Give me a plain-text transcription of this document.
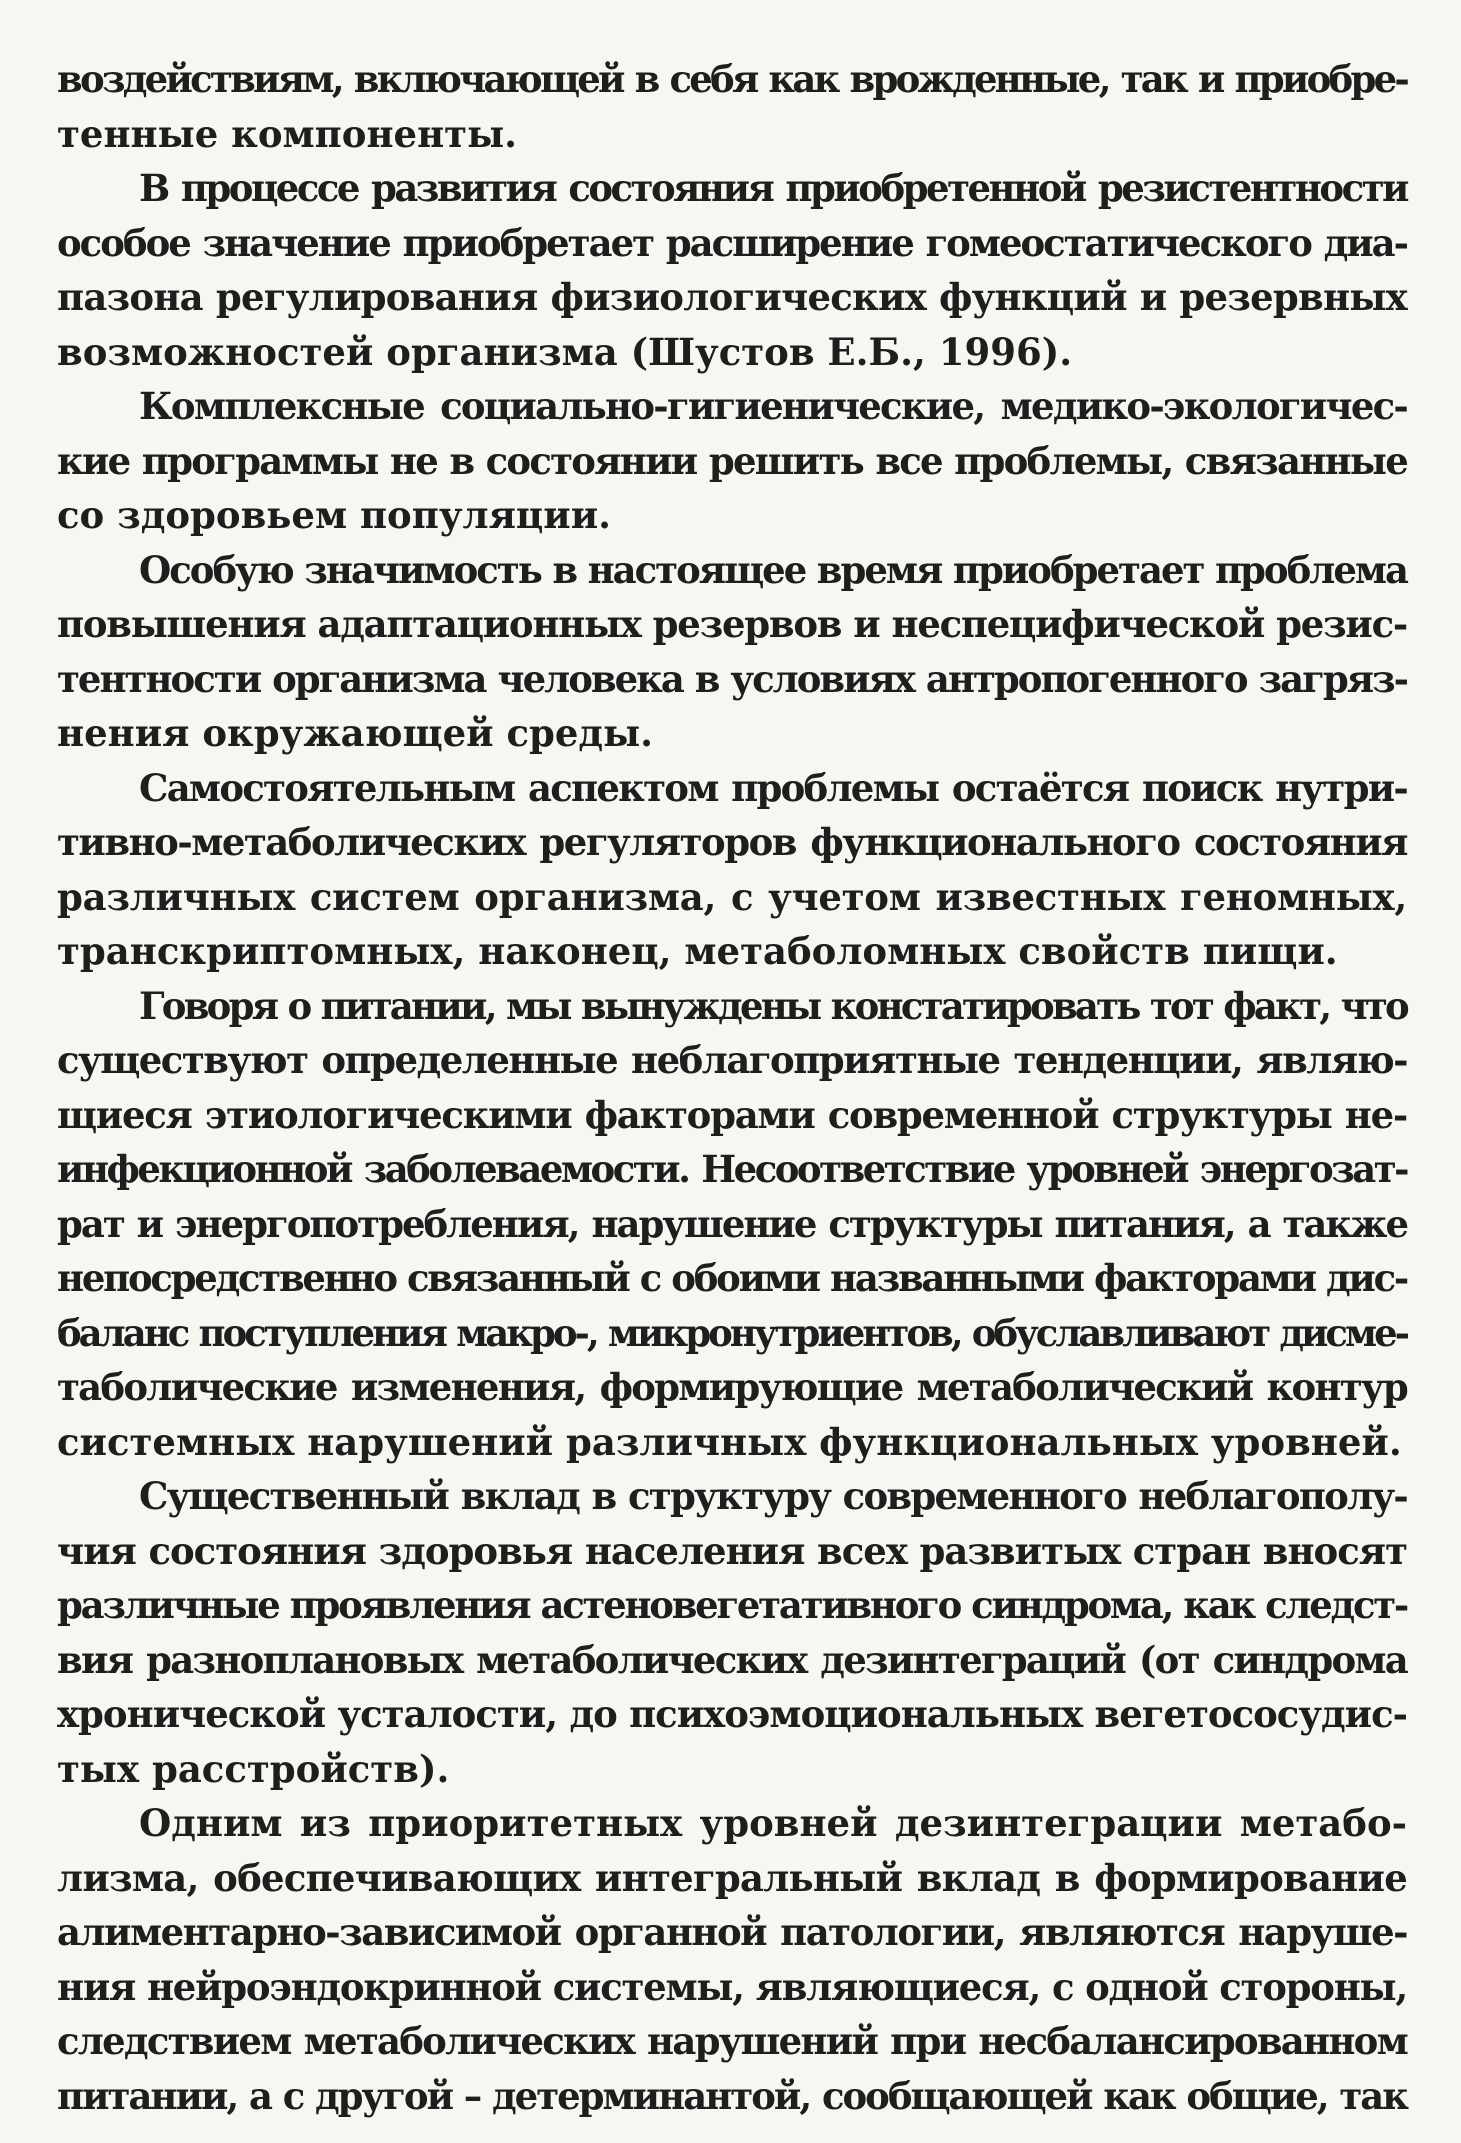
воздействиям, включающей в себя как врожденные, так и приобре-
тенные компоненты.
В процессе развития состояния приобретенной резистентности
особое значение приобретает расширение гомеостатического диа-
пазона регулирования физиологических функций и резервных
возможностей организма (Шустов Е.Б., 1996).
Комплексные социально-гигиенические, медико-экологичес-
кие программы не в состоянии решить все проблемы, связанные
со здоровьем популяции.
Особую значимость в настоящее время приобретает проблема
повышения адаптационных резервов и неспецифической резис-
тентности организма человека в условиях антропогенного загряз-
нения окружающей среды.
Самостоятельным аспектом проблемы остаётся поиск нутри-
тивно-метаболических регуляторов функционального состояния
различных систем организма, с учетом известных геномных,
транскриптомных, наконец, метаболомных свойств пищи.
Говоря о питании, мы вынуждены констатировать тот факт, что
существуют определенные неблагоприятные тенденции, являю-
щиеся этиологическими факторами современной структуры не-
инфекционной заболеваемости. Несоответствие уровней энергозат-
рат и энергопотребления, нарушение структуры питания, а также
непосредственно связанный с обоими названными факторами дис-
баланс поступления макро-, микронутриентов, обуславливают дисме-
таболические изменения, формирующие метаболический контур
системных нарушений различных функциональных уровней.
Существенный вклад в структуру современного неблагополу-
чия состояния здоровья населения всех развитых стран вносят
различные проявления астеновегетативного синдрома, как следст-
вия разноплановых метаболических дезинтеграций (от синдрома
хронической усталости, до психоэмоциональных вегетососудис-
тых расстройств).
Одним из приоритетных уровней дезинтеграции метабо-
лизма, обеспечивающих интегральный вклад в формирование
алиментарно-зависимой органной патологии, являются наруше-
ния нейроэндокринной системы, являющиеся, с одной стороны,
следствием метаболических нарушений при несбалансированном
питании, а с другой – детерминантой, сообщающей как общие, так
